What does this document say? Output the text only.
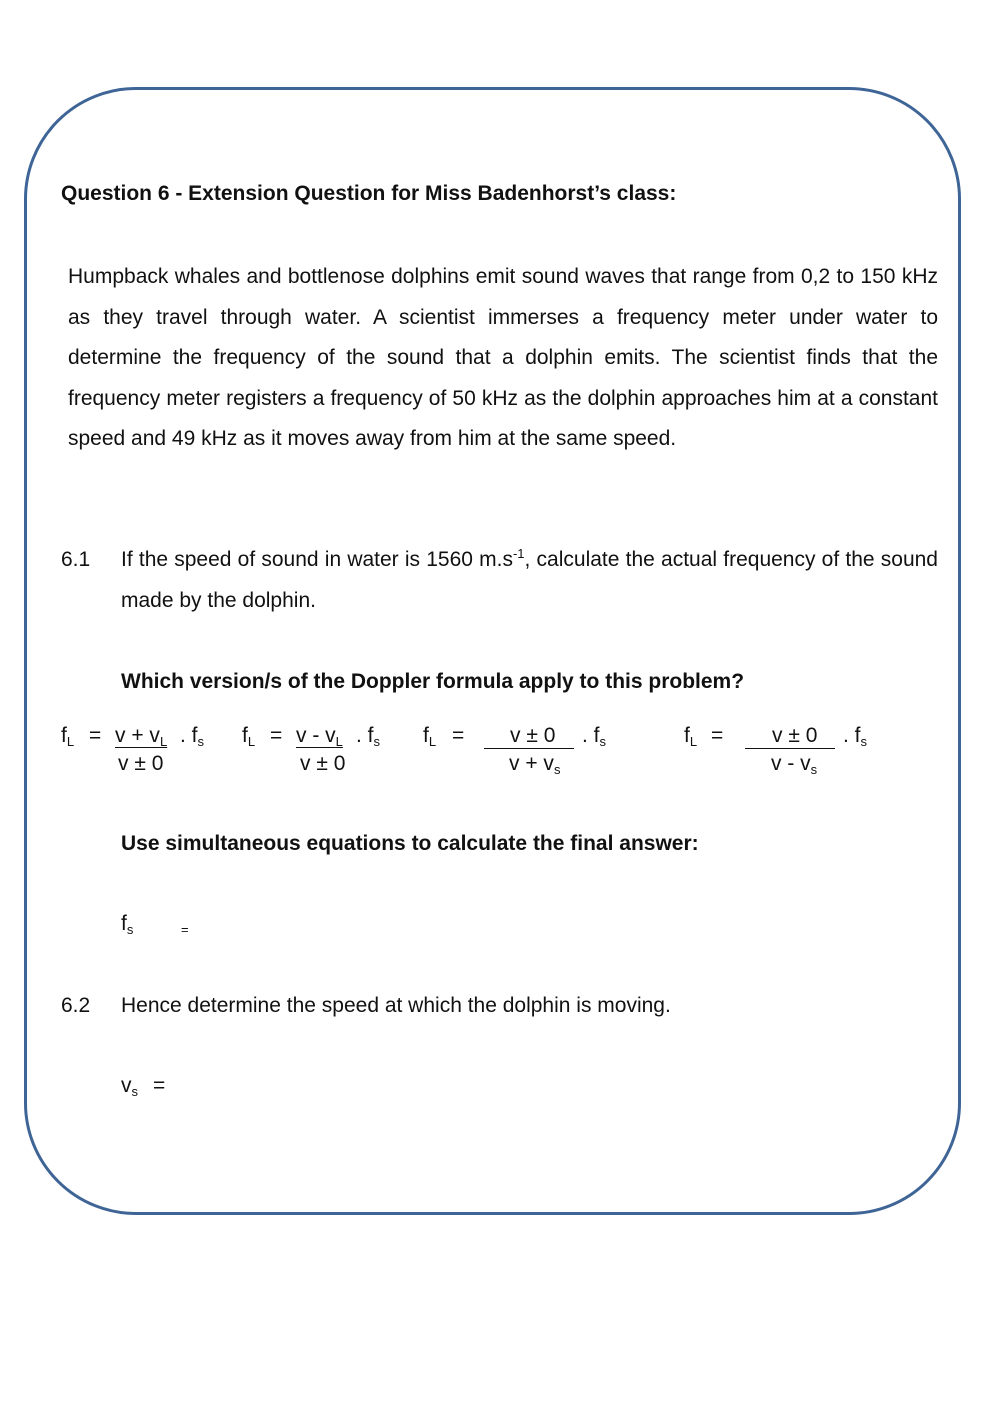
Question 6 - Extension Question for Miss Badenhorst’s class:
Humpback whales and bottlenose dolphins emit sound waves that range from 0,2 to 150 kHz as they travel through water. A scientist immerses a frequency meter under water to determine the frequency of the sound that a dolphin emits. The scientist finds that the frequency meter registers a frequency of 50 kHz as the dolphin approaches him at a constant speed and 49 kHz as it moves away from him at the same speed.
6.1 If the speed of sound in water is 1560 $m.s^{-1}$, calculate the actual frequency of the sound made by the dolphin.
Which version/s of the Doppler formula apply to this problem?
$f_L = v + v_L$ . $f_s$
v ± 0
$f_L = v - v_L$ . $f_s$
v ± 0
$f_L = v \pm 0$ . $f_s$
$v + v_s$
$f_L = v \pm 0$ . $f_s$
v - $v_s$
Use simultaneous equations to calculate the final answer:
$f_s$	=
6.2 Hence determine the speed at which the dolphin is moving.
$v_s$ =
